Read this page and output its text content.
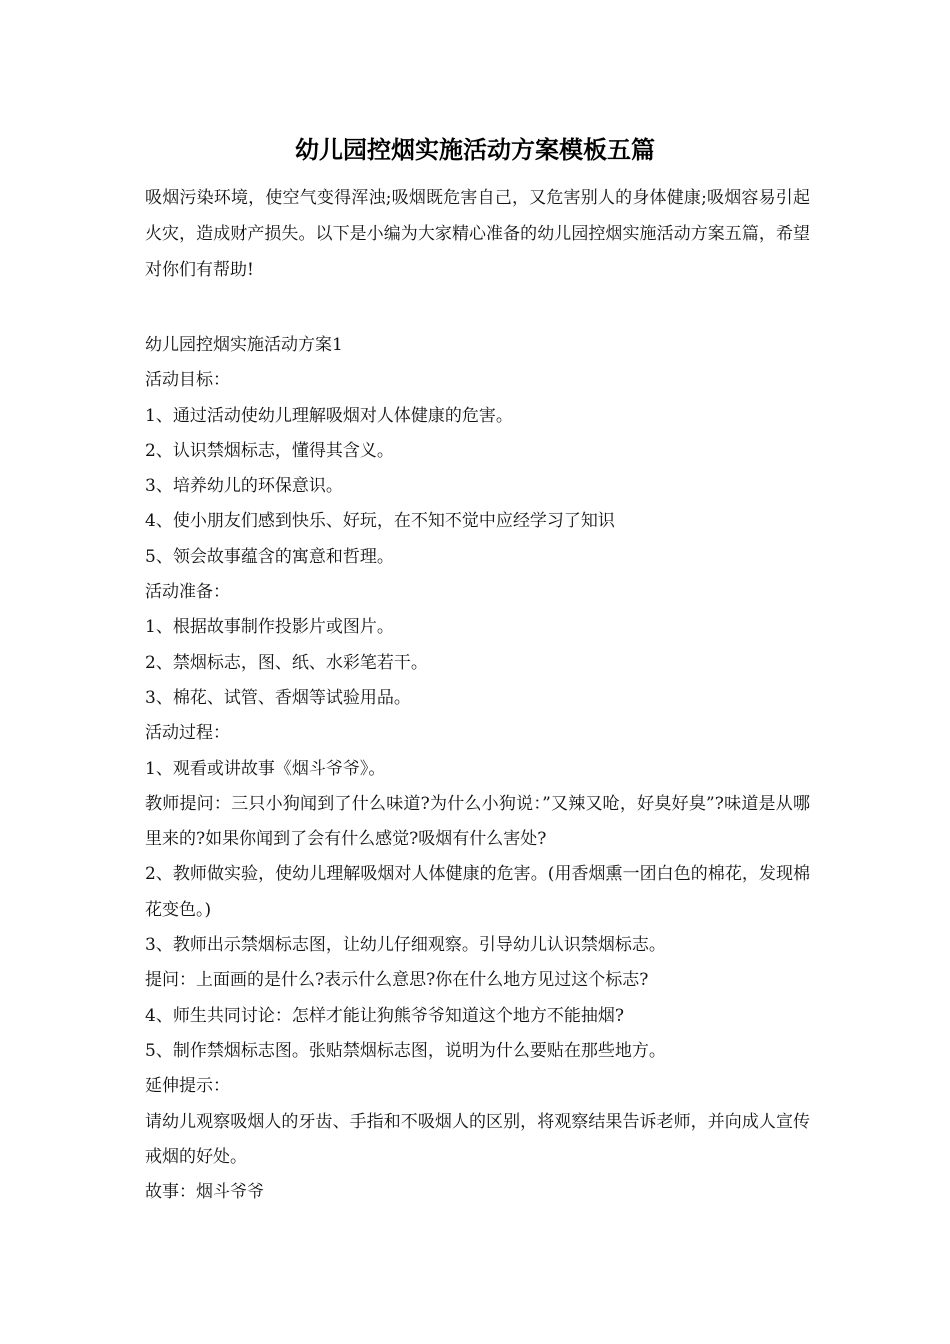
幼儿园控烟实施活动方案模板五篇

吸烟污染环境，使空气变得浑浊;吸烟既危害自己，又危害别人的身体健康;吸烟容易引起火灾，造成财产损失。以下是小编为大家精心准备的幼儿园控烟实施活动方案五篇，希望对你们有帮助!

幼儿园控烟实施活动方案1

活动目标：

1、通过活动使幼儿理解吸烟对人体健康的危害。

2、认识禁烟标志，懂得其含义。

3、培养幼儿的环保意识。

4、使小朋友们感到快乐、好玩，在不知不觉中应经学习了知识

5、领会故事蕴含的寓意和哲理。

活动准备：

1、根据故事制作投影片或图片。

2、禁烟标志，图、纸、水彩笔若干。

3、棉花、试管、香烟等试验用品。

活动过程：

1、观看或讲故事《烟斗爷爷》。

教师提问：三只小狗闻到了什么味道?为什么小狗说：”又辣又呛，好臭好臭”?味道是从哪里来的?如果你闻到了会有什么感觉?吸烟有什么害处?

2、教师做实验，使幼儿理解吸烟对人体健康的危害。(用香烟熏一团白色的棉花，发现棉花变色。)

3、教师出示禁烟标志图，让幼儿仔细观察。引导幼儿认识禁烟标志。

提问：上面画的是什么?表示什么意思?你在什么地方见过这个标志?

4、师生共同讨论：怎样才能让狗熊爷爷知道这个地方不能抽烟?

5、制作禁烟标志图。张贴禁烟标志图，说明为什么要贴在那些地方。

延伸提示：

请幼儿观察吸烟人的牙齿、手指和不吸烟人的区别，将观察结果告诉老师，并向成人宣传戒烟的好处。

故事：烟斗爷爷
